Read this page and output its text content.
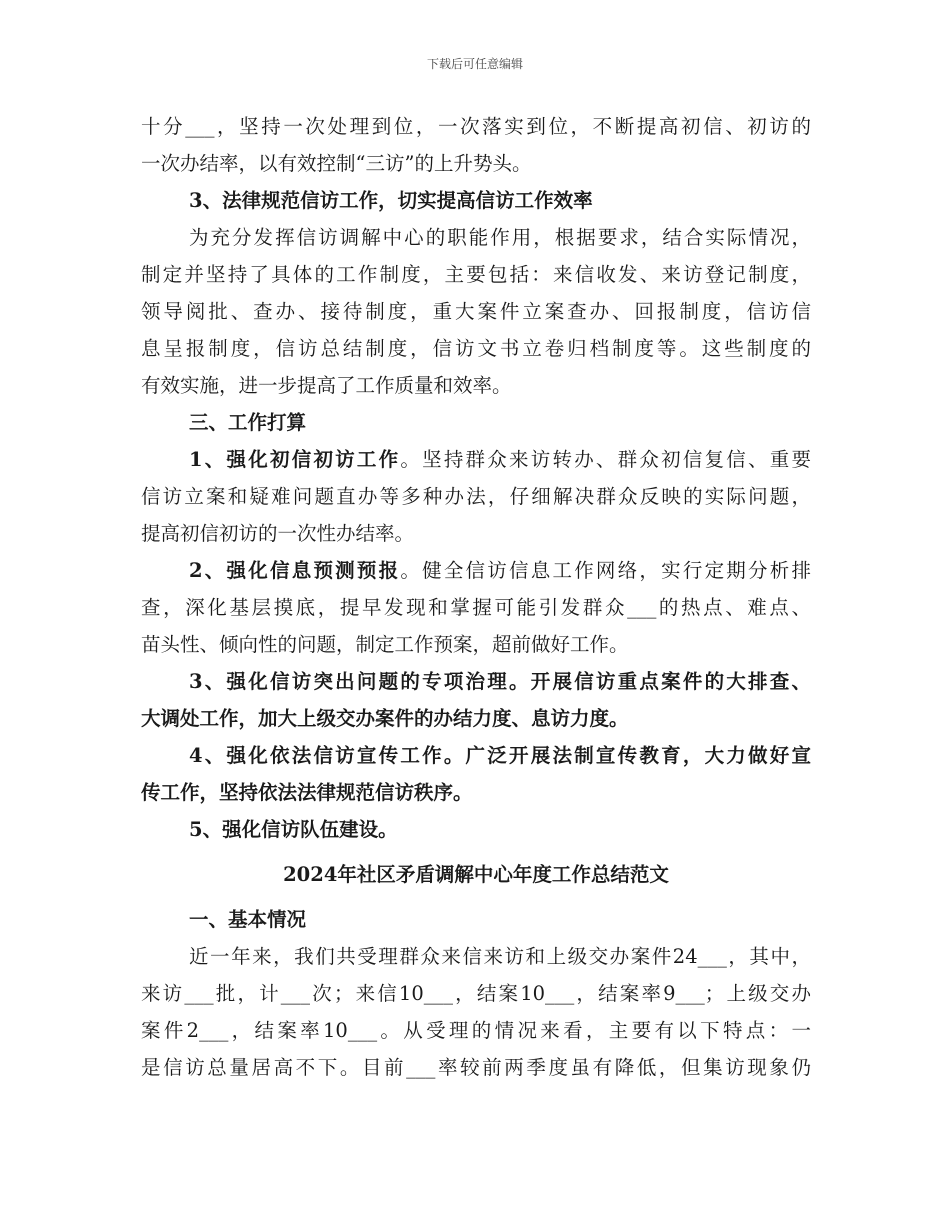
下载后可任意编辑
十分___，坚持一次处理到位，一次落实到位，不断提高初信、初访的
一次办结率，以有效控制“三访”的上升势头。
3、法律规范信访工作，切实提高信访工作效率
为充分发挥信访调解中心的职能作用，根据要求，结合实际情况，
制定并坚持了具体的工作制度，主要包括：来信收发、来访登记制度，
领导阅批、查办、接待制度，重大案件立案查办、回报制度，信访信
息呈报制度，信访总结制度，信访文书立卷归档制度等。这些制度的
有效实施，进一步提高了工作质量和效率。
三、工作打算
1、强化初信初访工作。坚持群众来访转办、群众初信复信、重要
信访立案和疑难问题直办等多种办法，仔细解决群众反映的实际问题，
提高初信初访的一次性办结率。
2、强化信息预测预报。健全信访信息工作网络，实行定期分析排
查，深化基层摸底，提早发现和掌握可能引发群众___的热点、难点、
苗头性、倾向性的问题，制定工作预案，超前做好工作。
3、强化信访突出问题的专项治理。开展信访重点案件的大排查、
大调处工作，加大上级交办案件的办结力度、息访力度。
4、强化依法信访宣传工作。广泛开展法制宣传教育，大力做好宣
传工作，坚持依法法律规范信访秩序。
5、强化信访队伍建设。
2024年社区矛盾调解中心年度工作总结范文
一、基本情况
近一年来，我们共受理群众来信来访和上级交办案件24___，其中，
来访___批，计___次；来信10___，结案10___，结案率9___；上级交办
案件2___，结案率10___。从受理的情况来看，主要有以下特点：一
是信访总量居高不下。目前___率较前两季度虽有降低，但集访现象仍
